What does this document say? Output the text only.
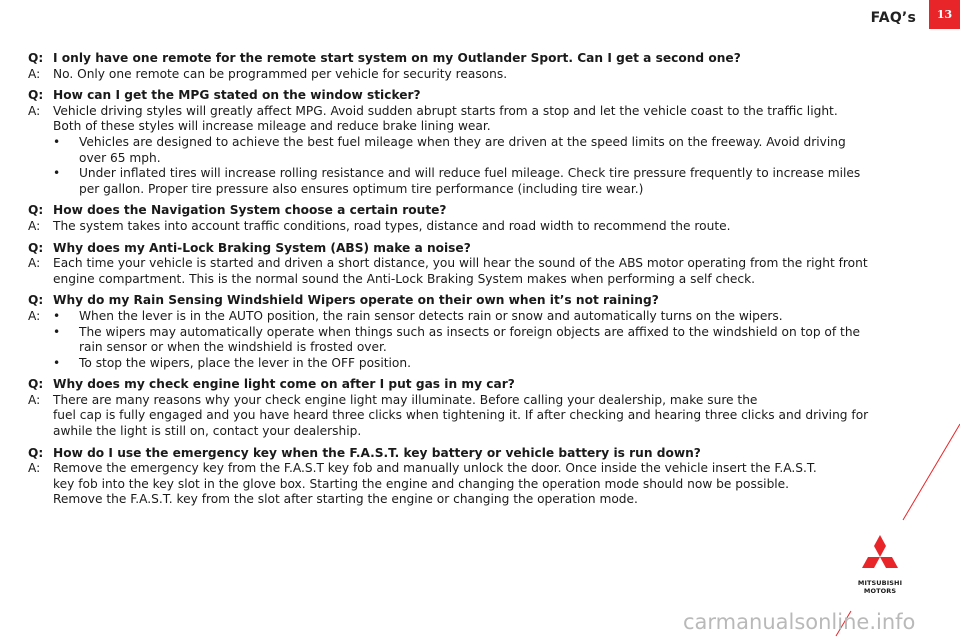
FAQ’s	13
Q: I only have one remote for the remote start system on my Outlander Sport. Can I get a second one?
A:	No. Only one remote can be programmed per vehicle for security reasons.
Q: How can I get the MPG stated on the window sticker?
A:	Vehicle driving styles will greatly affect MPG. Avoid sudden abrupt starts from a stop and let the vehicle coast to the traffic light.
Both of these styles will increase mileage and reduce brake lining wear.
•	Vehicles are designed to achieve the best fuel mileage when they are driven at the speed limits on the freeway. Avoid driving
over 65 mph.
•	Under inflated tires will increase rolling resistance and will reduce fuel mileage. Check tire pressure frequently to increase miles
per gallon. Proper tire pressure also ensures optimum tire performance (including tire wear.)
Q: How does the Navigation System choose a certain route?
A:	The system takes into account traffic conditions, road types, distance and road width to recommend the route.
Q: Why does my Anti-Lock Braking System (ABS) make a noise?
A:	Each time your vehicle is started and driven a short distance, you will hear the sound of the ABS motor operating from the right front
engine compartment. This is the normal sound the Anti-Lock Braking System makes when performing a self check.
Q: Why do my Rain Sensing Windshield Wipers operate on their own when it’s not raining?
A:	•	When the lever is in the AUTO position, the rain sensor detects rain or snow and automatically turns on the wipers.
•	The wipers may automatically operate when things such as insects or foreign objects are affixed to the windshield on top of the
rain sensor or when the windshield is frosted over.
•	To stop the wipers, place the lever in the OFF position.
Q: Why does my check engine light come on after I put gas in my car?
A:	There are many reasons why your check engine light may illuminate. Before calling your dealership, make sure the
fuel cap is fully engaged and you have heard three clicks when tightening it. If after checking and hearing three clicks and driving for
awhile the light is still on, contact your dealership.
Q: How do I use the emergency key when the F.A.S.T. key battery or vehicle battery is run down?
A:	Remove the emergency key from the F.A.S.T key fob and manually unlock the door. Once inside the vehicle insert the F.A.S.T.
key fob into the key slot in the glove box. Starting the engine and changing the operation mode should now be possible.
Remove the F.A.S.T. key from the slot after starting the engine or changing the operation mode.
MITSUBISHI
MOTORS
carmanualsonline.info
